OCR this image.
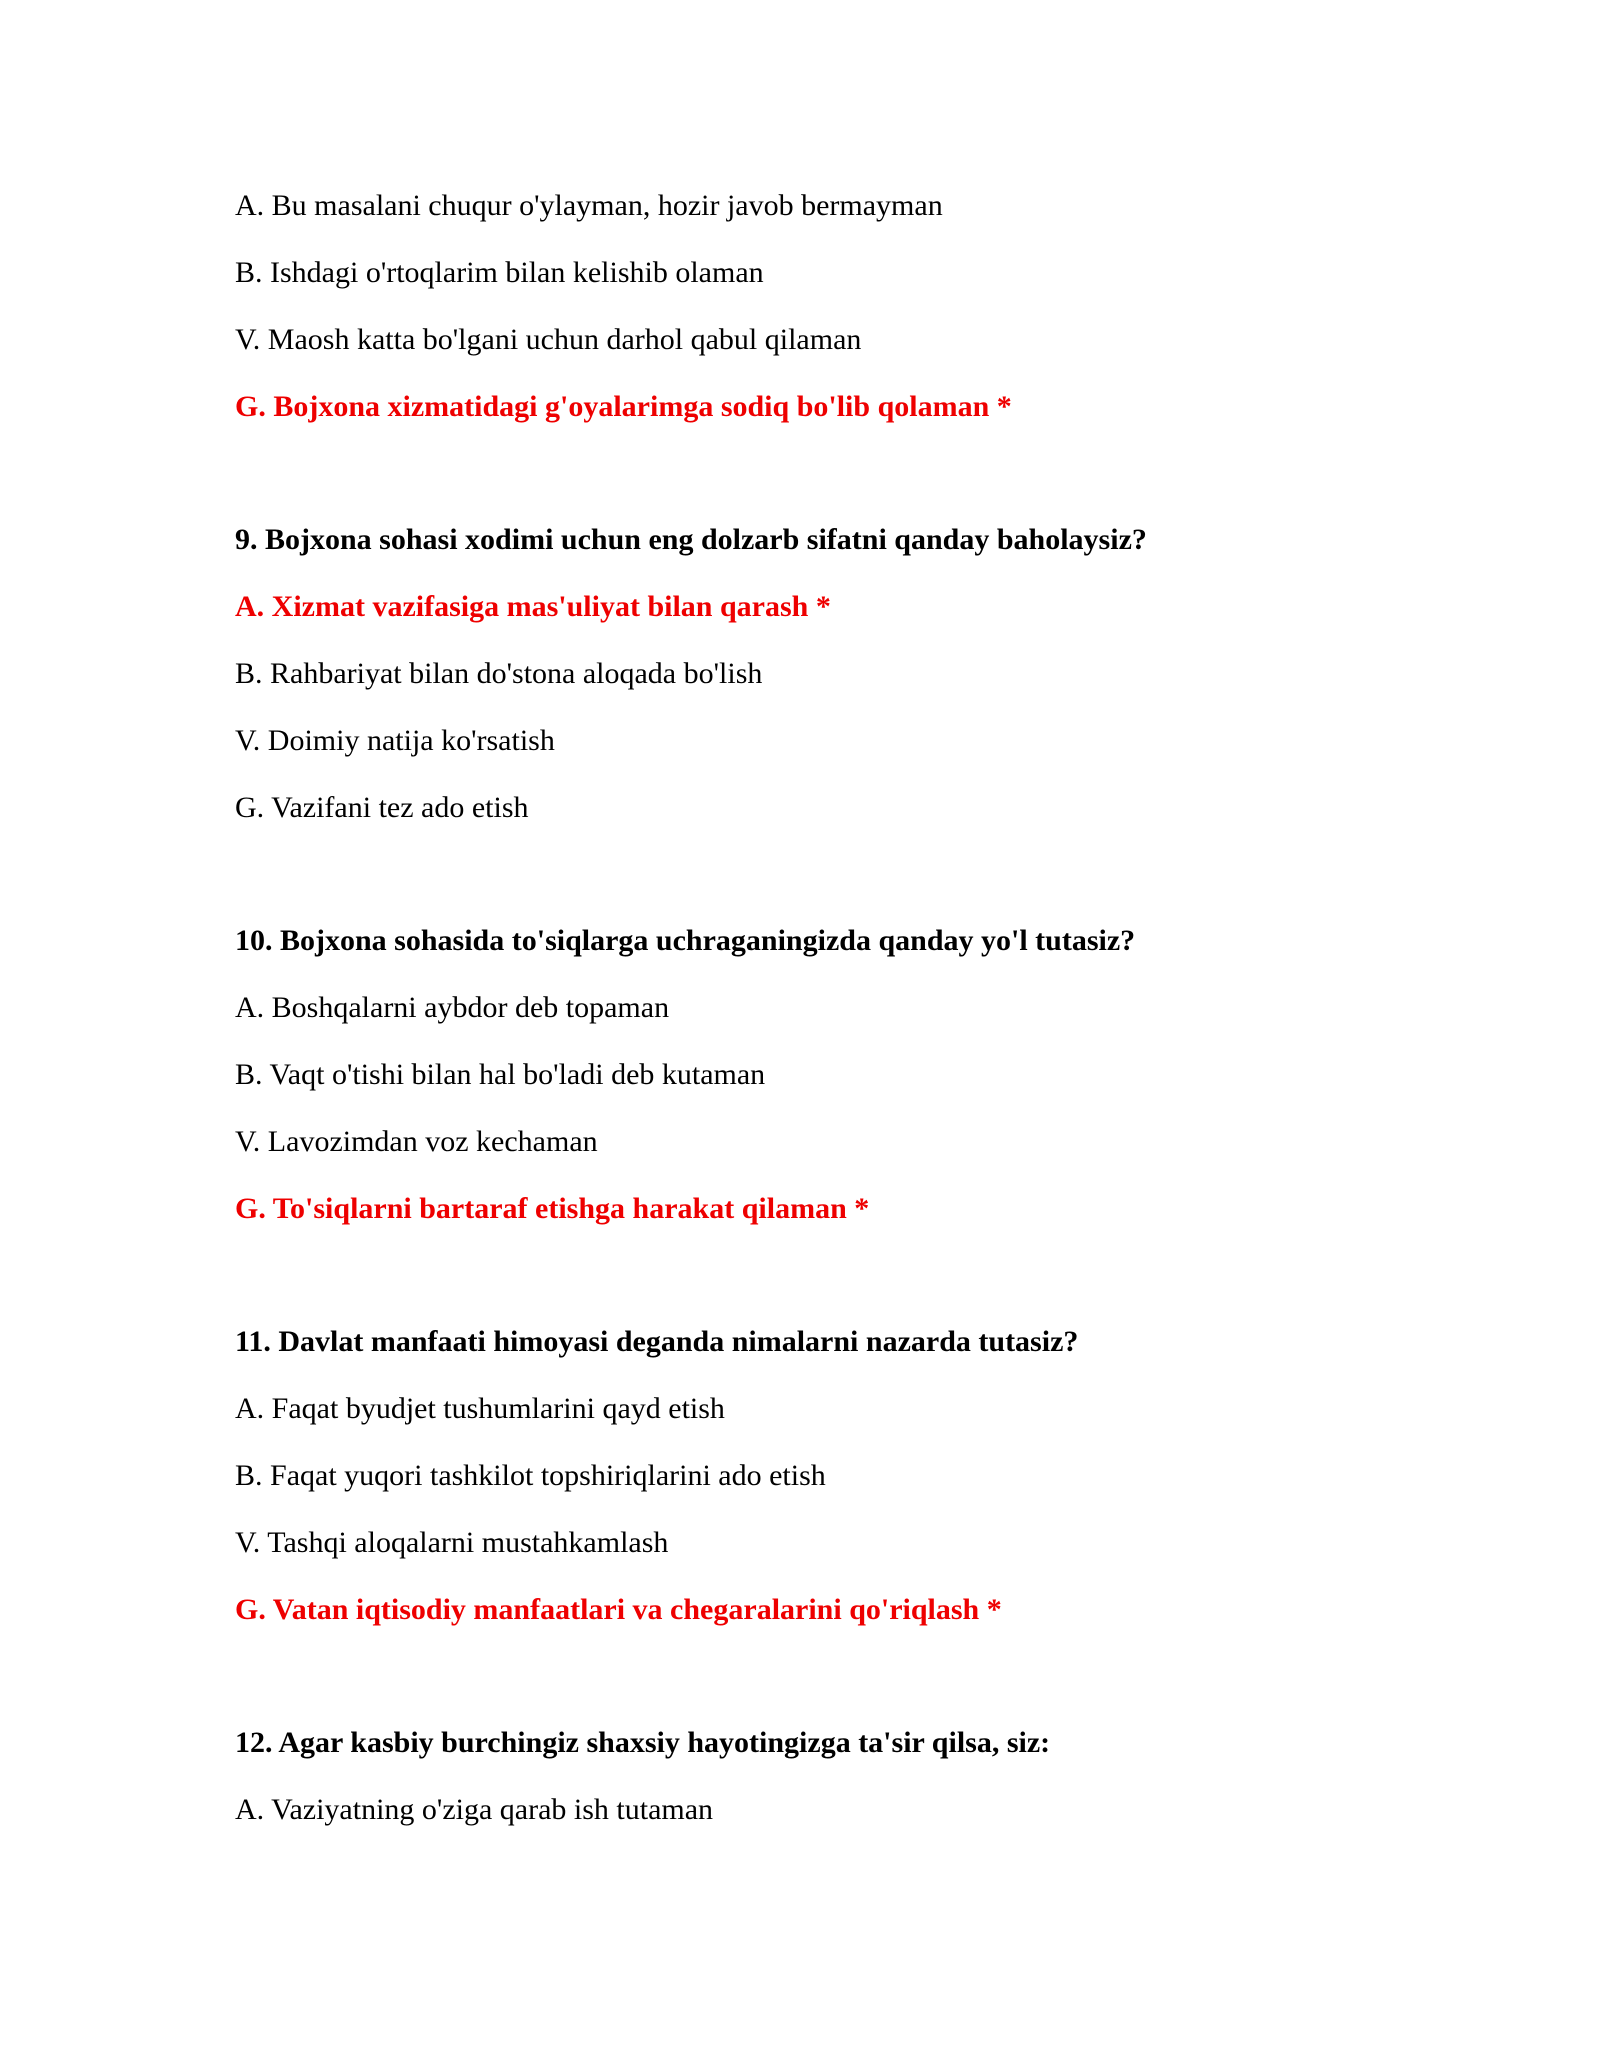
A. Bu masalani chuqur o'ylayman, hozir javob bermayman
B. Ishdagi o'rtoqlarim bilan kelishib olaman
V. Maosh katta bo'lgani uchun darhol qabul qilaman
G. Bojxona xizmatidagi g'oyalarimga sodiq bo'lib qolaman *
9. Bojxona sohasi xodimi uchun eng dolzarb sifatni qanday baholaysiz?
A. Xizmat vazifasiga mas'uliyat bilan qarash *
B. Rahbariyat bilan do'stona aloqada bo'lish
V. Doimiy natija ko'rsatish
G. Vazifani tez ado etish
10. Bojxona sohasida to'siqlarga uchraganingizda qanday yo'l tutasiz?
A. Boshqalarni aybdor deb topaman
B. Vaqt o'tishi bilan hal bo'ladi deb kutaman
V. Lavozimdan voz kechaman
G. To'siqlarni bartaraf etishga harakat qilaman *
11. Davlat manfaati himoyasi deganda nimalarni nazarda tutasiz?
A. Faqat byudjet tushumlarini qayd etish
B. Faqat yuqori tashkilot topshiriqlarini ado etish
V. Tashqi aloqalarni mustahkamlash
G. Vatan iqtisodiy manfaatlari va chegaralarini qo'riqlash *
12. Agar kasbiy burchingiz shaxsiy hayotingizga ta'sir qilsa, siz:
A. Vaziyatning o'ziga qarab ish tutaman
